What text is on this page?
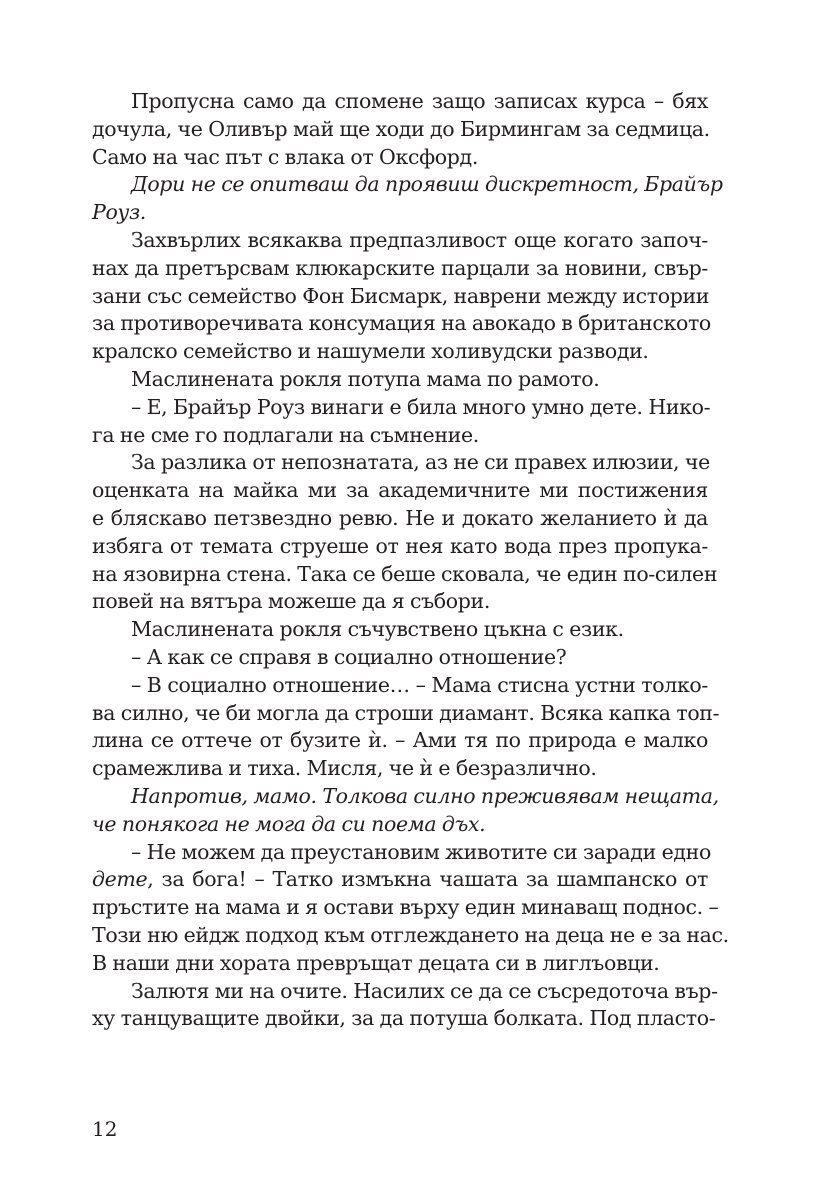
Пропусна само да спомене защо записах курса – бях
дочула, че Оливър май ще ходи до Бирмингам за седмица.
Само на час път с влака от Оксфорд.
Дори не се опитваш да проявиш дискретност, Брайър
Роуз.
Захвърлих всякаква предпазливост още когато започ-
нах да претърсвам клюкарските парцали за новини, свър-
зани със семейство Фон Бисмарк, наврени между истории
за противоречивата консумация на авокадо в британското
кралско семейство и нашумели холивудски разводи.
Маслинената рокля потупа мама по рамото.
– Е, Брайър Роуз винаги е била много умно дете. Нико-
га не сме го подлагали на съмнение.
За разлика от непознатата, аз не си правех илюзии, че
оценката на майка ми за академичните ми постижения
е бляскаво петзвездно ревю. Не и докато желанието ѝ да
избяга от темата струеше от нея като вода през пропука-
на язовирна стена. Така се беше сковала, че един по-силен
повей на вятъра можеше да я събори.
Маслинената рокля съчувствено цъкна с език.
– А как се справя в социално отношение?
– В социално отношение… – Мама стисна устни толко-
ва силно, че би могла да строши диамант. Всяка капка топ-
лина се оттече от бузите ѝ. – Ами тя по природа е малко
срамежлива и тиха. Мисля, че ѝ е безразлично.
Напротив, мамо. Толкова силно преживявам нещата,
че понякога не мога да си поема дъх.
– Не можем да преустановим животите си заради едно
дете, за бога! – Татко измъкна чашата за шампанско от
пръстите на мама и я остави върху един минаващ поднос. –
Този ню ейдж подход към отглеждането на деца не е за нас.
В наши дни хората превръщат децата си в лиглъовци.
Залютя ми на очите. Насилих се да се съсредоточа вър-
ху танцуващите двойки, за да потуша болката. Под пласто-
12
